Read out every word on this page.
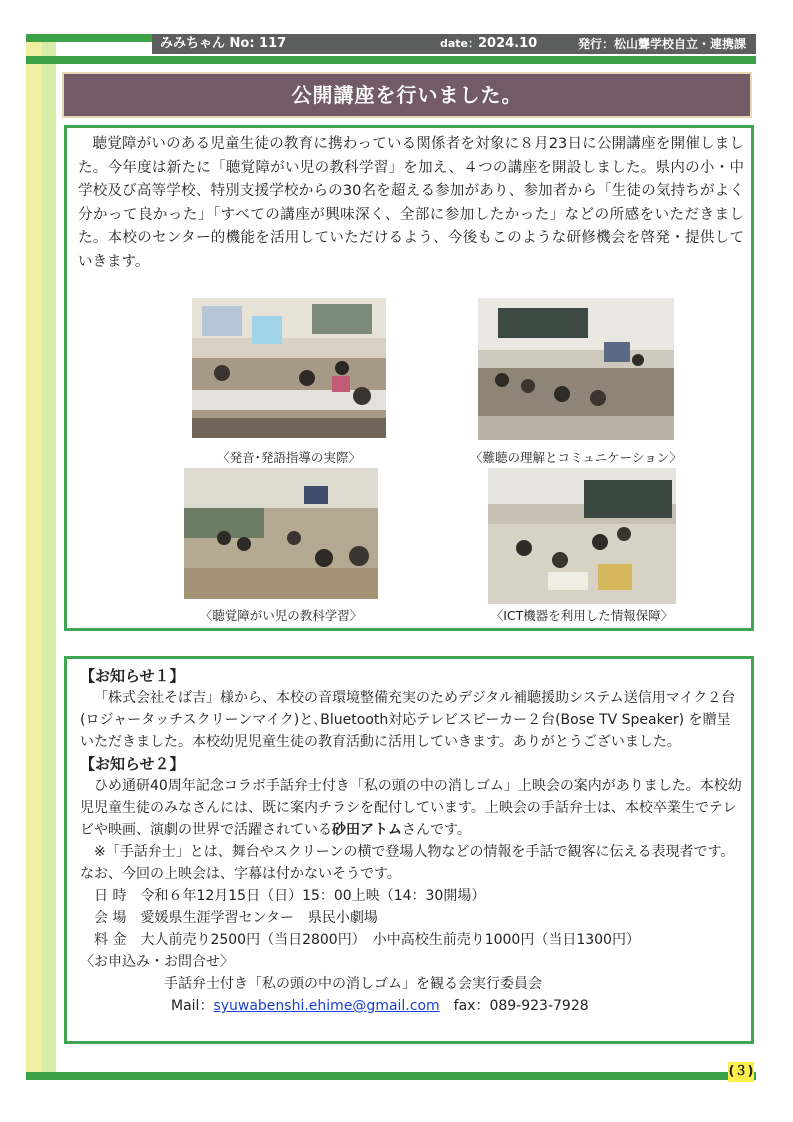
みみちゃん No: 117	date：
2024.10	発行：松山聾学校自立・連携課
公開講座を行いました。
聴覚障がいのある児童生徒の教育に携わっている関係者を対象に８月23日に公開講座を開催しました。今年度は新たに「聴覚障がい児の教科学習」を加え、４つの講座を開設しました。県内の小・中学校及び高等学校、特別支援学校からの30名を超える参加があり、参加者から「生徒の気持ちがよく分かって良かった」「すべての講座が興味深く、全部に参加したかった」などの所感をいただきました。本校のセンター的機能を活用していただけるよう、今後もこのような研修機会を啓発・提供していきます。
〈発音･発語指導の実際〉	〈難聴の理解とコミュニケーション〉
〈聴覚障がい児の教科学習〉	〈ICT機器を利用した情報保障〉

【お知らせ１】

「株式会社そば吉」様から、本校の音環境整備充実のためデジタル補聴援助システム送信用マイク２台(ロジャータッチスクリーンマイク)と､Bluetooth対応テレビスピーカー２台(Bose TV Speaker) を贈呈いただきました。本校幼児児童生徒の教育活動に活用していきます。ありがとうございました。

【お知らせ２】

ひめ通研40周年記念コラボ手話弁士付き「私の頭の中の消しゴム」上映会の案内がありました。本校幼児児童生徒のみなさんには、既に案内チラシを配付しています。上映会の手話弁士は、本校卒業生でテレビや映画、演劇の世界で活躍されている砂田アトムさんです。

※「手話弁士」とは、舞台やスクリーンの横で登場人物などの情報を手話で観客に伝える表現者です。なお、今回の上映会は、字幕は付かないそうです。

日 時　令和６年12月15日（日）15：00上映（14：30開場）

会 場　愛媛県生涯学習センター　県民小劇場

料 金　大人前売り2500円（当日2800円）　小中高校生前売り1000円（当日1300円）

〈お申込み・お問合せ〉

手話弁士付き「私の頭の中の消しゴム」を観る会実行委員会

Mail：syuwabenshi.ehime@gmail.com　 fax：089-923-7928

(３)
